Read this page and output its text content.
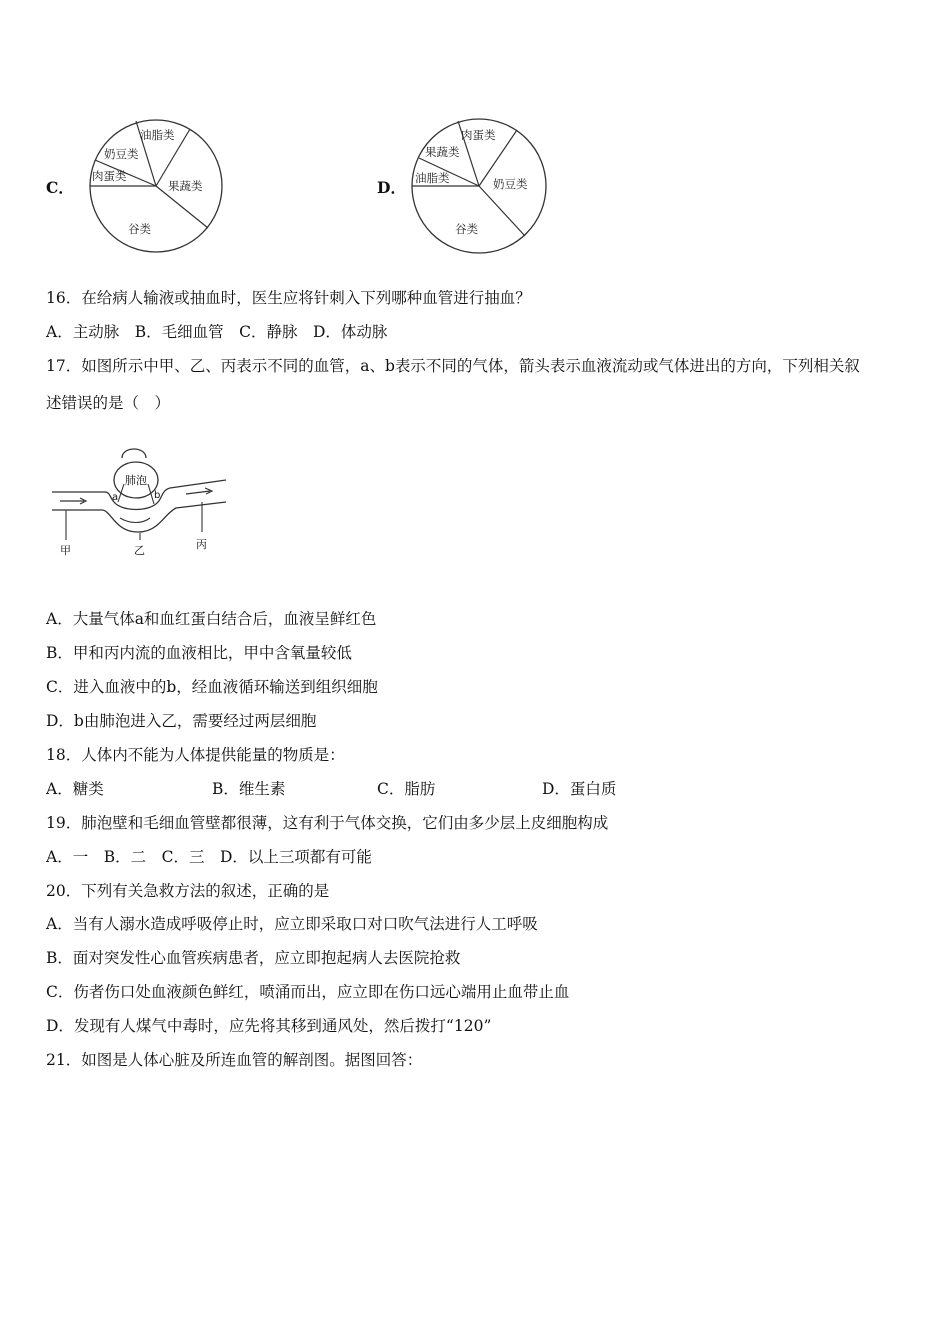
C．
油脂类
果蔬类
谷类
肉蛋类
奶豆类
D．
肉蛋类
奶豆类
谷类
油脂类
果蔬类
16．在给病人输液或抽血时，医生应将针刺入下列哪种血管进行抽血？
A．主动脉　B．毛细血管　C．静脉　D．体动脉
17．如图所示中甲、乙、丙表示不同的血管，a、b表示不同的气体，箭头表示血液流动或气体进出的方向，下列相关叙
述错误的是（　）
肺泡
a	b
甲	乙	丙
A．大量气体a和血红蛋白结合后，血液呈鲜红色
B．甲和丙内流的血液相比，甲中含氧量较低
C．进入血液中的b，经血液循环输送到组织细胞
D．b由肺泡进入乙，需要经过两层细胞
18．人体内不能为人体提供能量的物质是：
A．糖类	B．维生素	C．脂肪	D．蛋白质
19．肺泡壁和毛细血管壁都很薄，这有利于气体交换，它们由多少层上皮细胞构成
A．一　B．二　C．三　D．以上三项都有可能
20．下列有关急救方法的叙述，正确的是
A．当有人溺水造成呼吸停止时，应立即采取口对口吹气法进行人工呼吸
B．面对突发性心血管疾病患者，应立即抱起病人去医院抢救
C．伤者伤口处血液颜色鲜红，喷涌而出，应立即在伤口远心端用止血带止血
D．发现有人煤气中毒时，应先将其移到通风处，然后拨打“120”
21．如图是人体心脏及所连血管的解剖图。据图回答：
